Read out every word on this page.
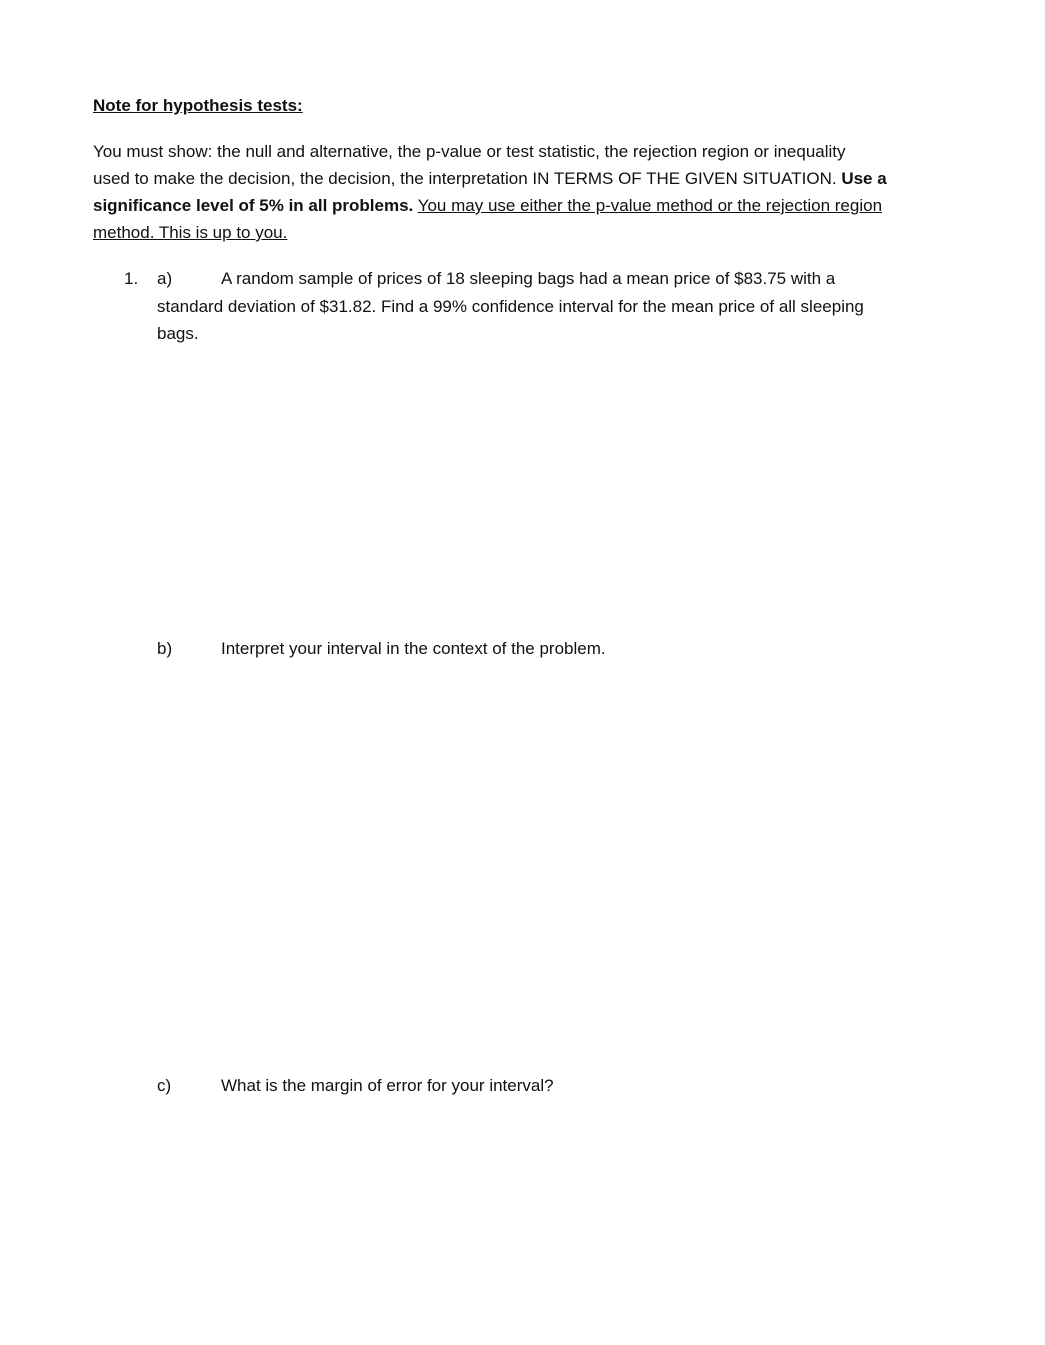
Note for hypothesis tests:

You must show: the null and alternative, the p-value or test statistic, the rejection region or inequality
used to make the decision, the decision, the interpretation IN TERMS OF THE GIVEN SITUATION. Use a
significance level of 5% in all problems. You may use either the p-value method or the rejection region
method. This is up to you.
1. a)	A random sample of prices of 18 sleeping bags had a mean price of $83.75 with a
standard deviation of $31.82. Find a 99% confidence interval for the mean price of all sleeping
bags.
b)	Interpret your interval in the context of the problem.
c)	What is the margin of error for your interval?
